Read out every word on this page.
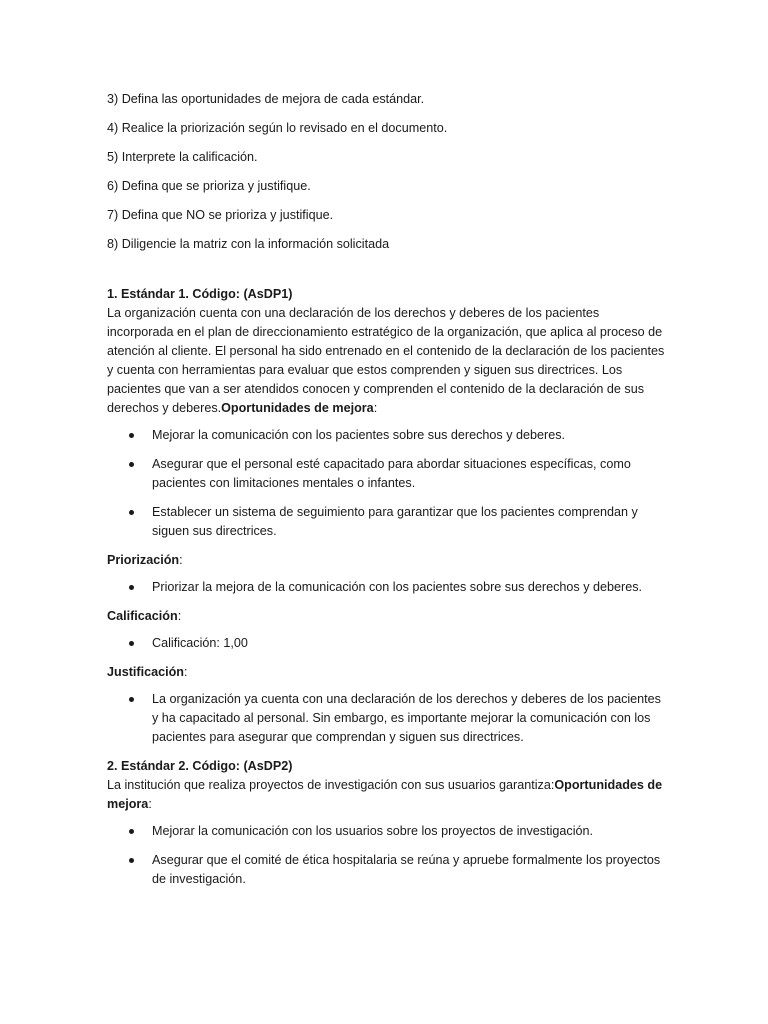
3) Defina las oportunidades de mejora de cada estándar.

4) Realice la priorización según lo revisado en el documento.

5) Interprete la calificación.

6) Defina que se prioriza y justifique.

7) Defina que NO se prioriza y justifique.

8) Diligencie la matriz con la información solicitada

1. Estándar 1. Código: (AsDP1)

La organización cuenta con una declaración de los derechos y deberes de los pacientes incorporada en el plan de direccionamiento estratégico de la organización, que aplica al proceso de atención al cliente. El personal ha sido entrenado en el contenido de la declaración de los pacientes y cuenta con herramientas para evaluar que estos comprenden y siguen sus directrices. Los pacientes que van a ser atendidos conocen y comprenden el contenido de la declaración de sus derechos y deberes.Oportunidades de mejora:

Mejorar la comunicación con los pacientes sobre sus derechos y deberes.
Asegurar que el personal esté capacitado para abordar situaciones específicas, como pacientes con limitaciones mentales o infantes.
Establecer un sistema de seguimiento para garantizar que los pacientes comprendan y siguen sus directrices.

Priorización:

Priorizar la mejora de la comunicación con los pacientes sobre sus derechos y deberes.

Calificación:

Calificación: 1,00

Justificación:

La organización ya cuenta con una declaración de los derechos y deberes de los pacientes y ha capacitado al personal. Sin embargo, es importante mejorar la comunicación con los pacientes para asegurar que comprendan y siguen sus directrices.

2. Estándar 2. Código: (AsDP2)

La institución que realiza proyectos de investigación con sus usuarios garantiza:Oportunidades de mejora:

Mejorar la comunicación con los usuarios sobre los proyectos de investigación.
Asegurar que el comité de ética hospitalaria se reúna y apruebe formalmente los proyectos de investigación.
